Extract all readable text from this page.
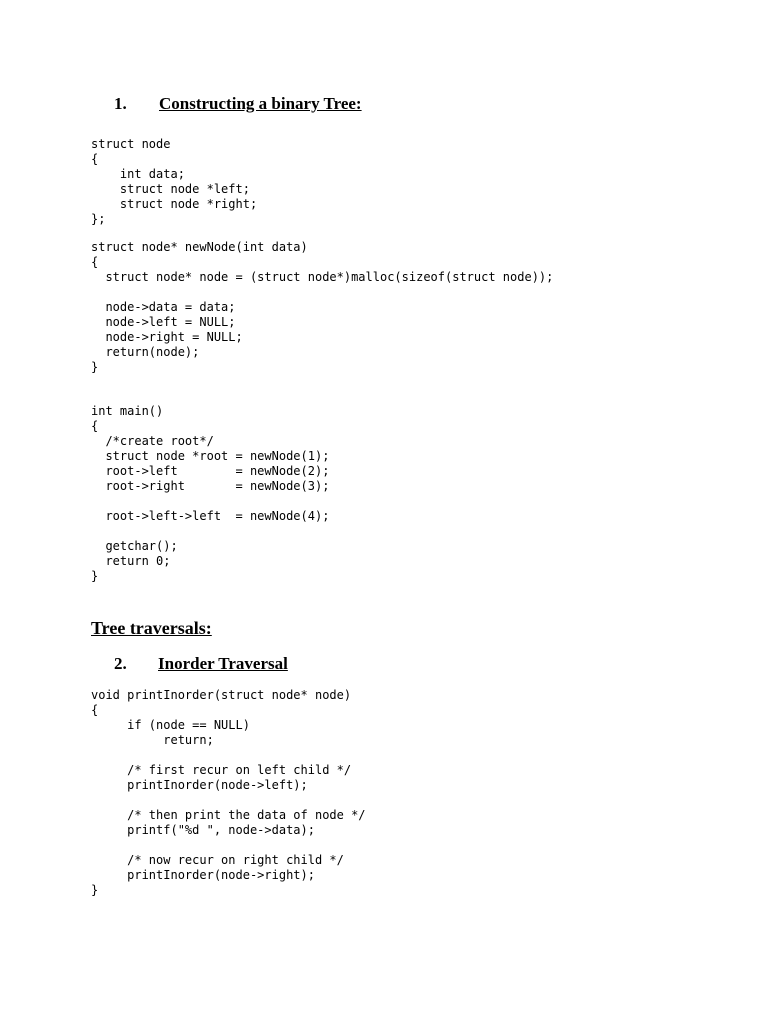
1. Constructing a binary Tree:
struct node
{
int data;
struct node *left;
struct node *right;
};
struct node* newNode(int data)
{
struct node* node = (struct node*)malloc(sizeof(struct node));
node->data = data;
node->left = NULL;
node->right = NULL;
return(node);
}
int main()
{
/*create root*/
struct node *root = newNode(1);
root->left        = newNode(2);
root->right       = newNode(3);
root->left->left  = newNode(4);
getchar();
return 0;
}
Tree traversals:
2. Inorder Traversal
void printInorder(struct node* node)
{
if (node == NULL)
return;
/* first recur on left child */
printInorder(node->left);
/* then print the data of node */
printf("%d ", node->data);
/* now recur on right child */
printInorder(node->right);
}
